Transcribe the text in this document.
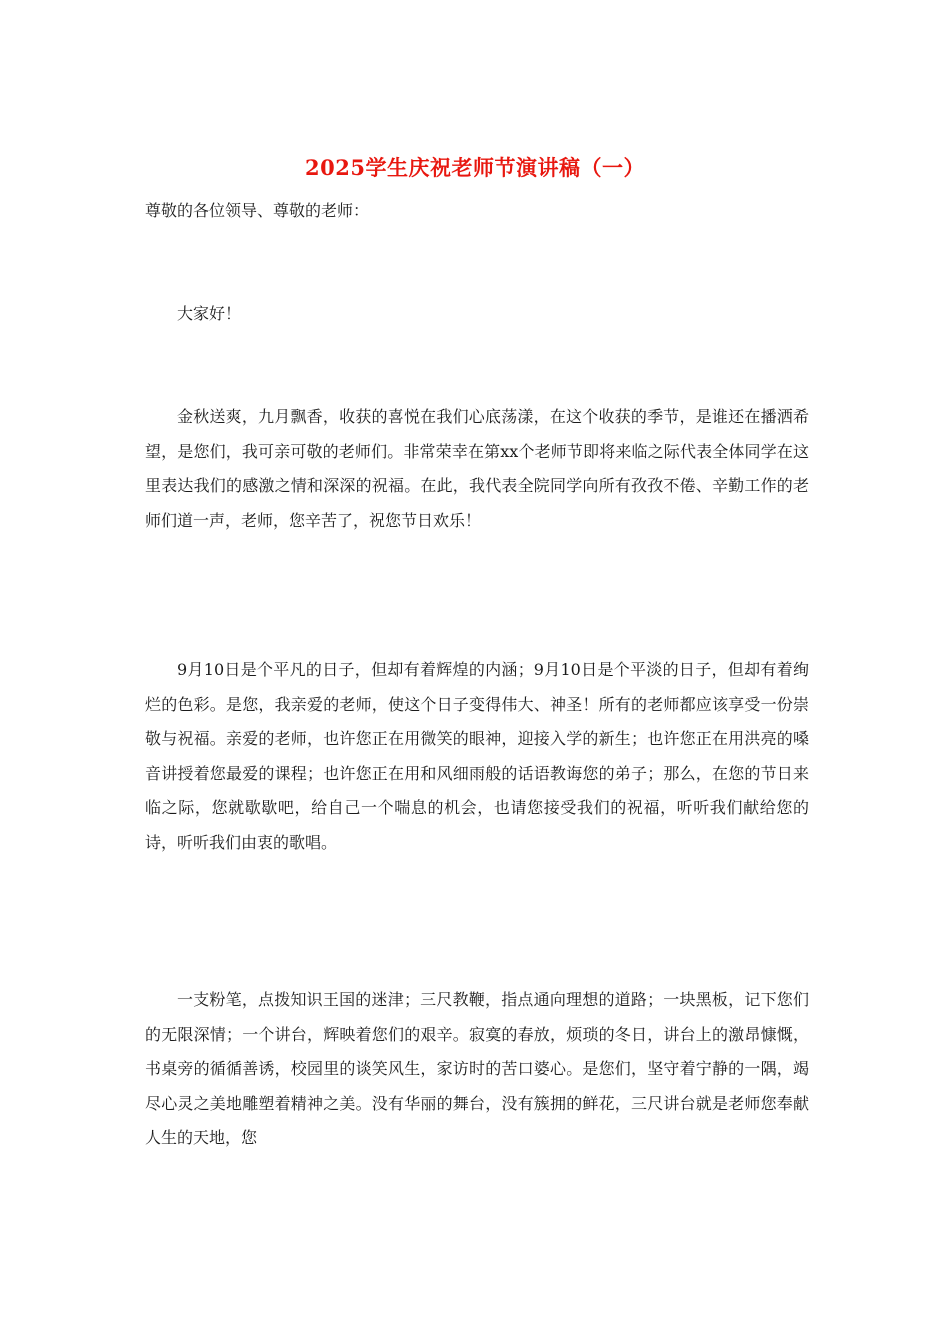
2025学生庆祝老师节演讲稿（一）
尊敬的各位领导、尊敬的老师：
大家好！
金秋送爽，九月飘香，收获的喜悦在我们心底荡漾，在这个收获的季节，是谁还在播洒希望，是您们，我可亲可敬的老师们。非常荣幸在第xx个老师节即将来临之际代表全体同学在这里表达我们的感激之情和深深的祝福。在此，我代表全院同学向所有孜孜不倦、辛勤工作的老师们道一声，老师，您辛苦了，祝您节日欢乐！
9月10日是个平凡的日子，但却有着辉煌的内涵；9月10日是个平淡的日子，但却有着绚烂的色彩。是您，我亲爱的老师，使这个日子变得伟大、神圣！所有的老师都应该享受一份崇敬与祝福。亲爱的老师，也许您正在用微笑的眼神，迎接入学的新生；也许您正在用洪亮的嗓音讲授着您最爱的课程；也许您正在用和风细雨般的话语教诲您的弟子；那么，在您的节日来临之际，您就歇歇吧，给自己一个喘息的机会，也请您接受我们的祝福，听听我们献给您的诗，听听我们由衷的歌唱。
一支粉笔，点拨知识王国的迷津；三尺教鞭，指点通向理想的道路；一块黑板，记下您们的无限深情；一个讲台，辉映着您们的艰辛。寂寞的春放，烦琐的冬日，讲台上的激昂慷慨，书桌旁的循循善诱，校园里的谈笑风生，家访时的苦口婆心。是您们，坚守着宁静的一隅，竭尽心灵之美地雕塑着精神之美。没有华丽的舞台，没有簇拥的鲜花，三尺讲台就是老师您奉献人生的天地，您
